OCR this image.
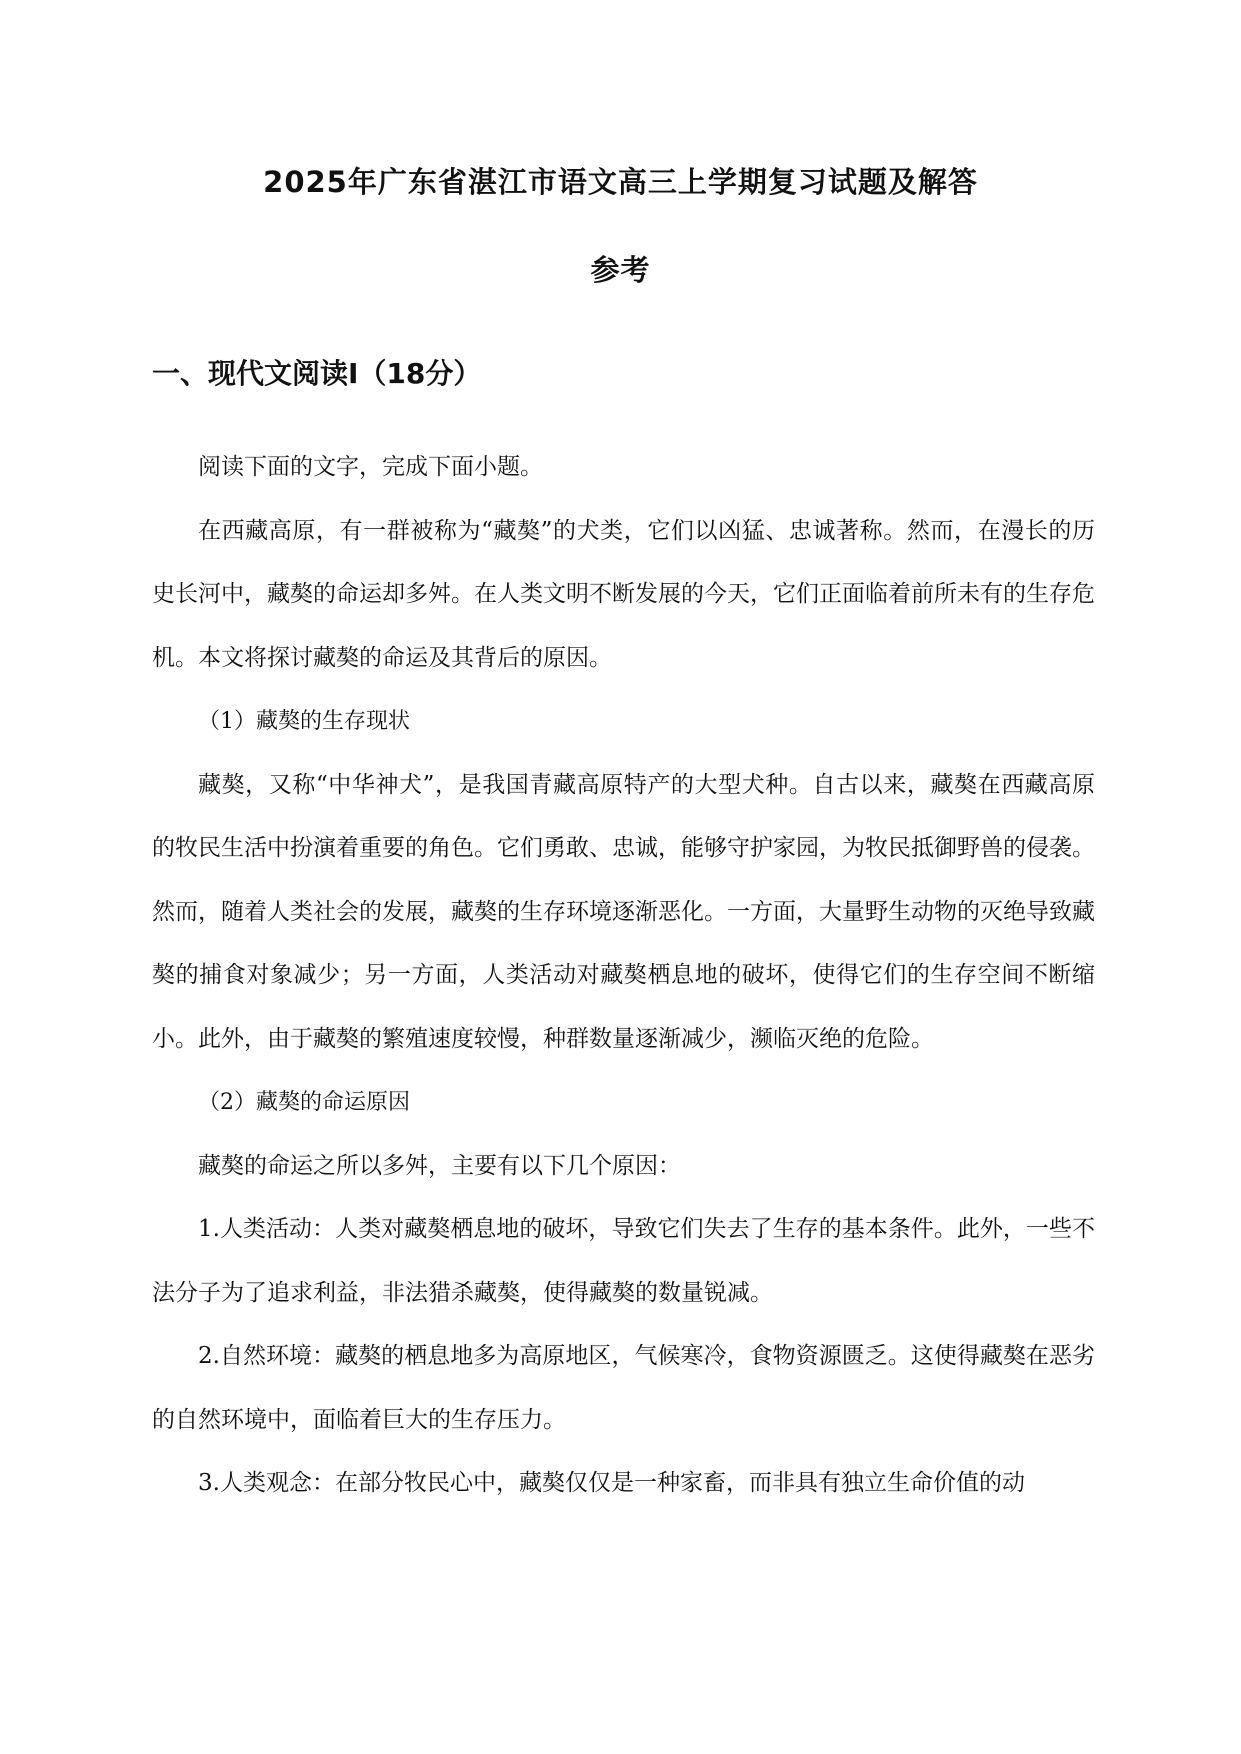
2025年广东省湛江市语文高三上学期复习试题及解答
参考
一、现代文阅读Ⅰ（18分）

阅读下面的文字，完成下面小题。

在西藏高原，有一群被称为“藏獒”的犬类，它们以凶猛、忠诚著称。然而，在漫长的历史长河中，藏獒的命运却多舛。在人类文明不断发展的今天，它们正面临着前所未有的生存危机。本文将探讨藏獒的命运及其背后的原因。

（1）藏獒的生存现状

藏獒，又称“中华神犬”，是我国青藏高原特产的大型犬种。自古以来，藏獒在西藏高原的牧民生活中扮演着重要的角色。它们勇敢、忠诚，能够守护家园，为牧民抵御野兽的侵袭。然而，随着人类社会的发展，藏獒的生存环境逐渐恶化。一方面，大量野生动物的灭绝导致藏獒的捕食对象减少；另一方面，人类活动对藏獒栖息地的破坏，使得它们的生存空间不断缩小。此外，由于藏獒的繁殖速度较慢，种群数量逐渐减少，濒临灭绝的危险。

（2）藏獒的命运原因

藏獒的命运之所以多舛，主要有以下几个原因：

1.人类活动：人类对藏獒栖息地的破坏，导致它们失去了生存的基本条件。此外，一些不法分子为了追求利益，非法猎杀藏獒，使得藏獒的数量锐减。

2.自然环境：藏獒的栖息地多为高原地区，气候寒冷，食物资源匮乏。这使得藏獒在恶劣的自然环境中，面临着巨大的生存压力。

3.人类观念：在部分牧民心中，藏獒仅仅是一种家畜，而非具有独立生命价值的动
